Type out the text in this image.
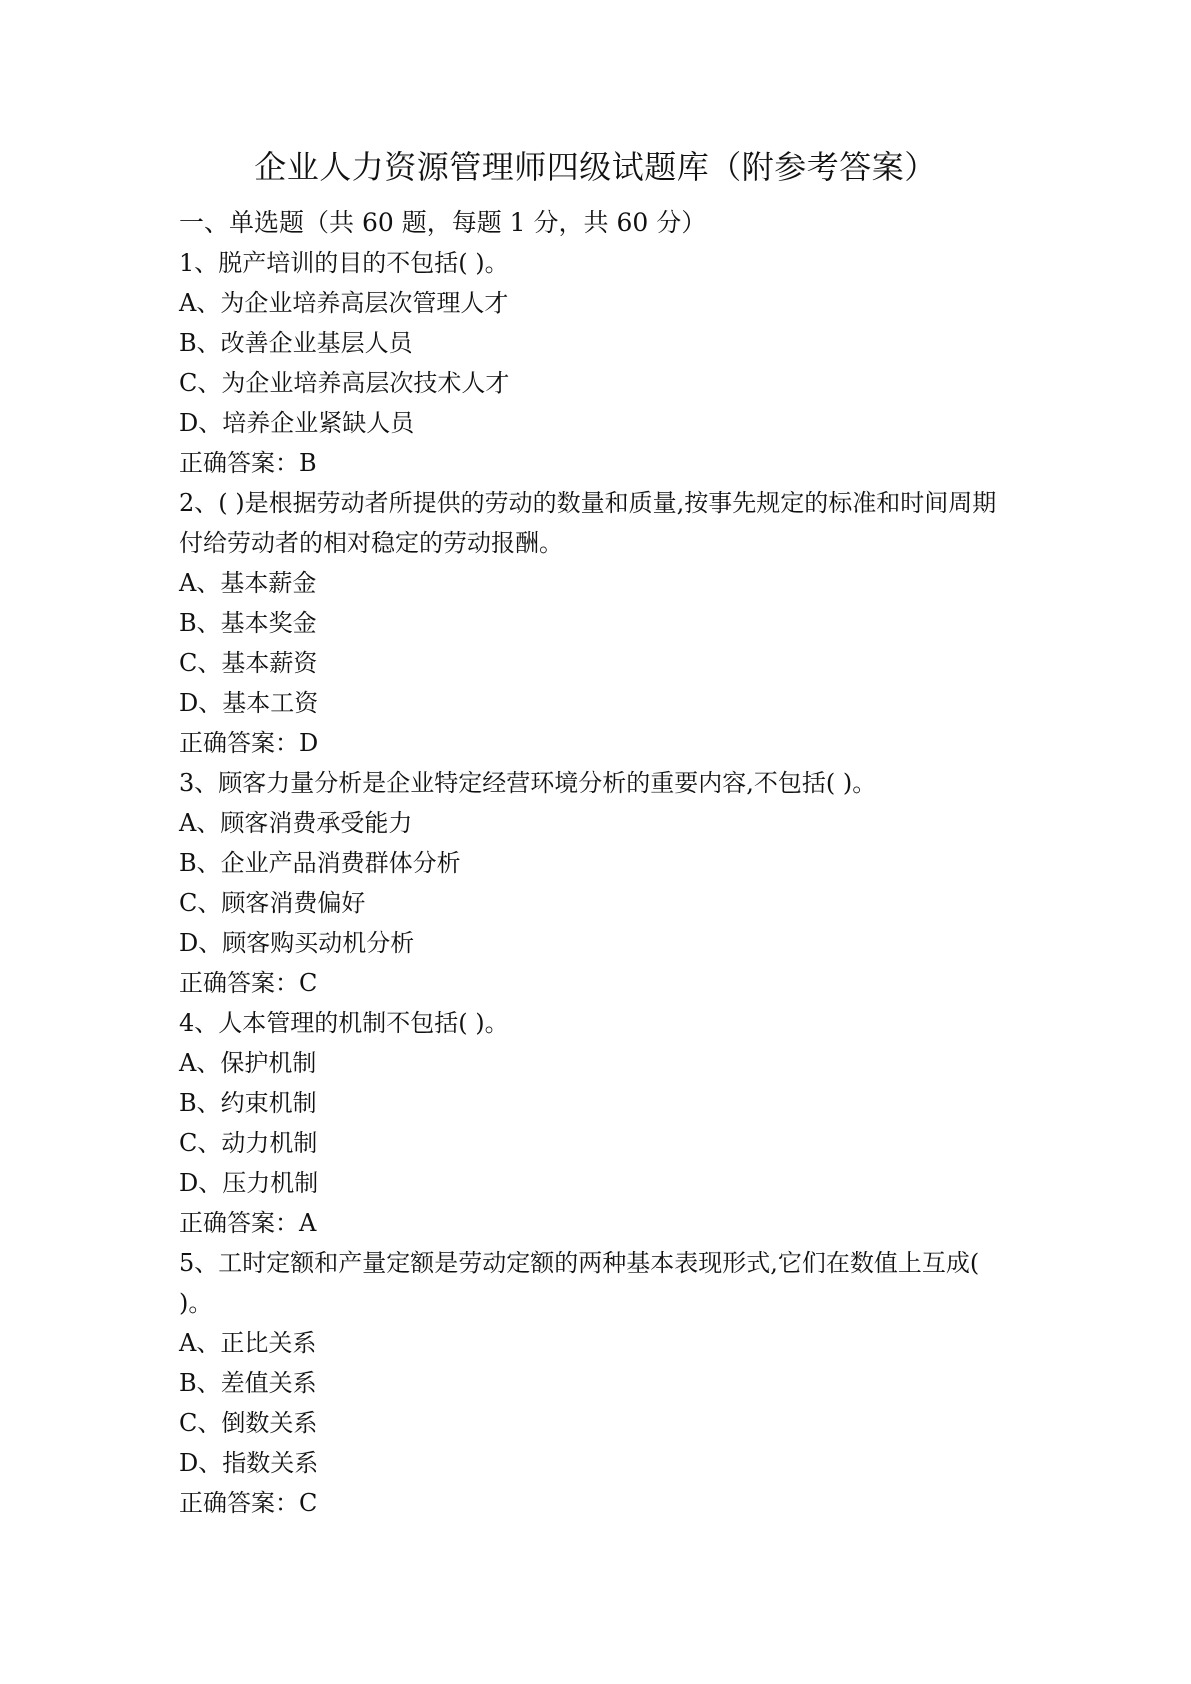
企业人力资源管理师四级试题库（附参考答案）
一、单选题（共 60 题，每题 1 分，共 60 分）

1、脱产培训的目的不包括( )。

A、为企业培养高层次管理人才

B、改善企业基层人员

C、为企业培养高层次技术人才

D、培养企业紧缺人员

正确答案：B

2、( )是根据劳动者所提供的劳动的数量和质量,按事先规定的标准和时间周期付给劳动者的相对稳定的劳动报酬。

A、基本薪金

B、基本奖金

C、基本薪资

D、基本工资

正确答案：D

3、顾客力量分析是企业特定经营环境分析的重要内容,不包括( )。

A、顾客消费承受能力

B、企业产品消费群体分析

C、顾客消费偏好

D、顾客购买动机分析

正确答案：C

4、人本管理的机制不包括( )。

A、保护机制

B、约束机制

C、动力机制

D、压力机制

正确答案：A

5、工时定额和产量定额是劳动定额的两种基本表现形式,它们在数值上互成( )。

A、正比关系

B、差值关系

C、倒数关系

D、指数关系

正确答案：C
